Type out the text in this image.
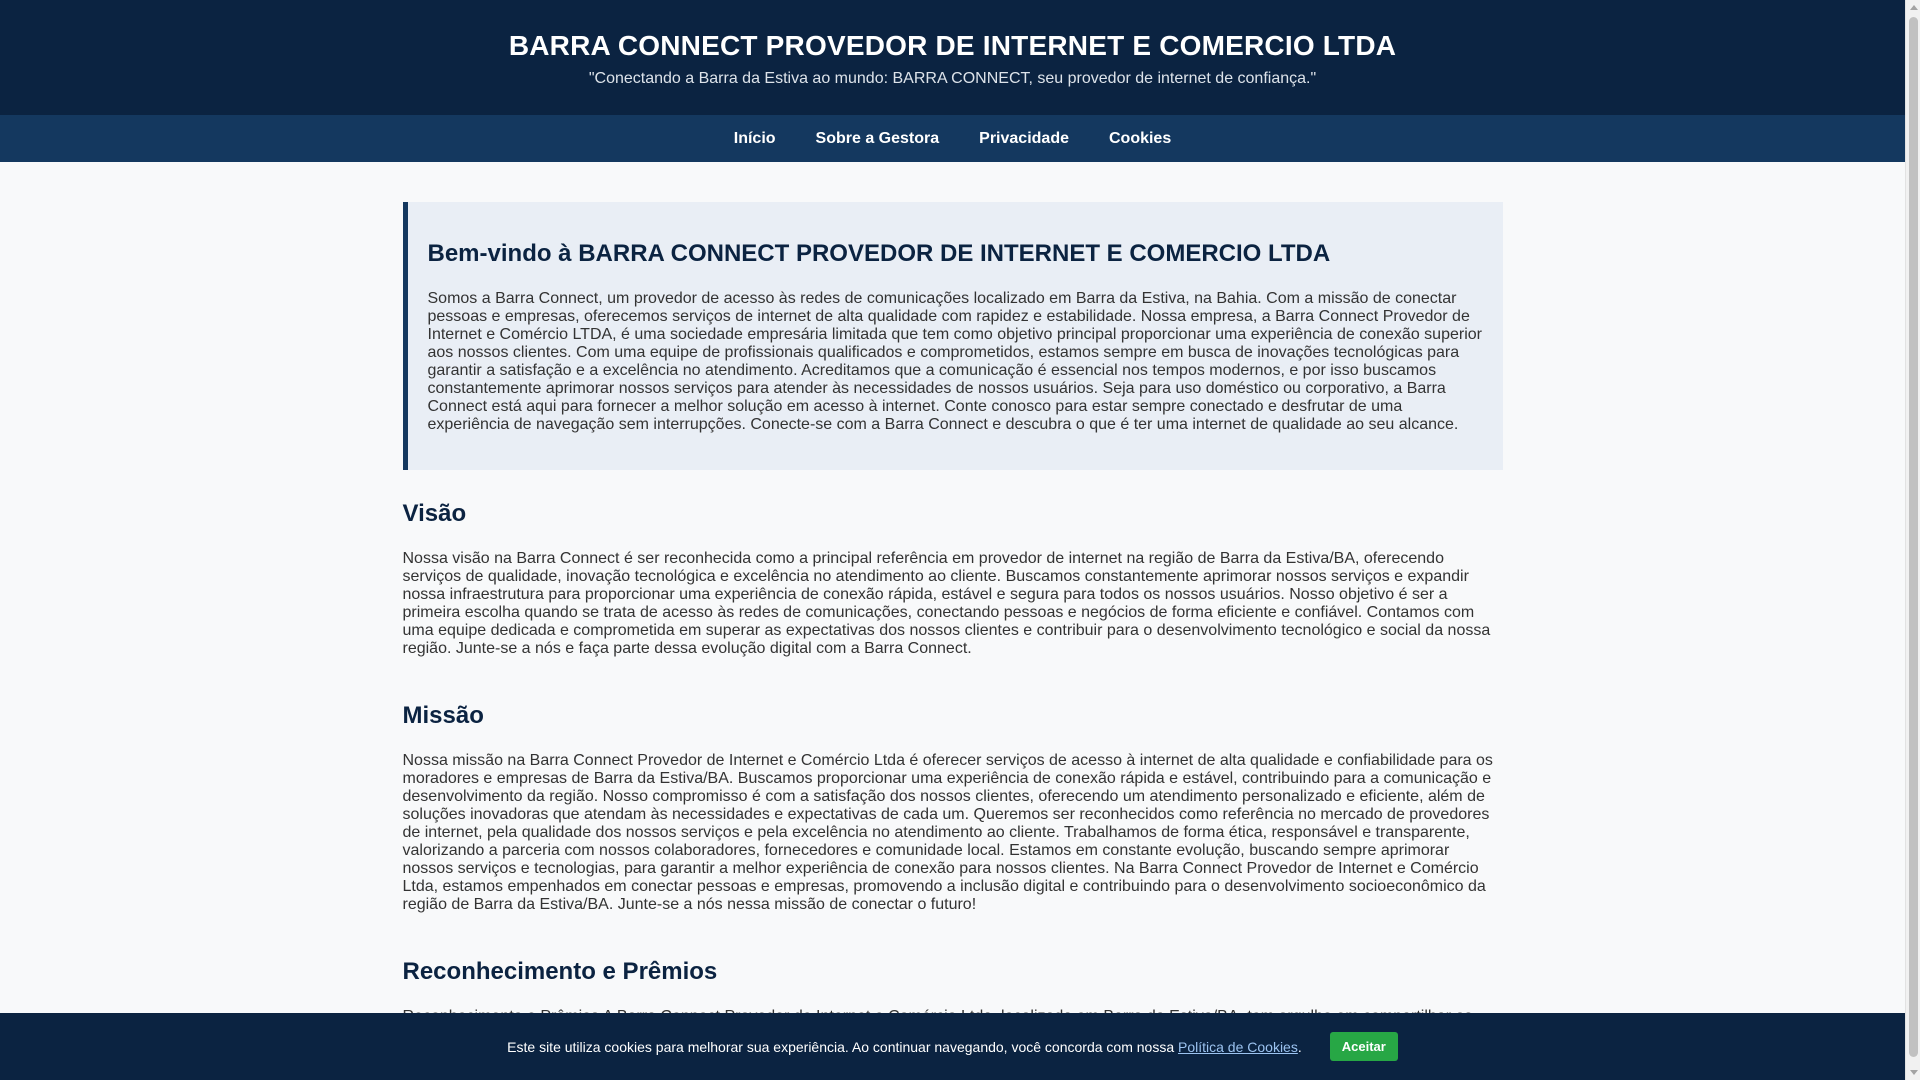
BARRA CONNECT PROVEDOR DE INTERNET E COMERCIO LTDA

"Conectando a Barra da Estiva ao mundo: BARRA CONNECT, seu provedor de internet de confiança."

Início	Sobre a Gestora	Privacidade	Cookies
Bem-vindo à BARRA CONNECT PROVEDOR DE INTERNET E COMERCIO LTDA

Somos a Barra Connect, um provedor de acesso às redes de comunicações localizado em Barra da Estiva, na Bahia. Com a missão de conectar pessoas e empresas, oferecemos serviços de internet de alta qualidade com rapidez e estabilidade. Nossa empresa, a Barra Connect Provedor de Internet e Comércio LTDA, é uma sociedade empresária limitada que tem como objetivo principal proporcionar uma experiência de conexão superior aos nossos clientes. Com uma equipe de profissionais qualificados e comprometidos, estamos sempre em busca de inovações tecnológicas para garantir a satisfação e a excelência no atendimento. Acreditamos que a comunicação é essencial nos tempos modernos, e por isso buscamos constantemente aprimorar nossos serviços para atender às necessidades de nossos usuários. Seja para uso doméstico ou corporativo, a Barra Connect está aqui para fornecer a melhor solução em acesso à internet. Conte conosco para estar sempre conectado e desfrutar de uma experiência de navegação sem interrupções. Conecte-se com a Barra Connect e descubra o que é ter uma internet de qualidade ao seu alcance.

Visão

Nossa visão na Barra Connect é ser reconhecida como a principal referência em provedor de internet na região de Barra da Estiva/BA, oferecendo serviços de qualidade, inovação tecnológica e excelência no atendimento ao cliente. Buscamos constantemente aprimorar nossos serviços e expandir nossa infraestrutura para proporcionar uma experiência de conexão rápida, estável e segura para todos os nossos usuários. Nosso objetivo é ser a primeira escolha quando se trata de acesso às redes de comunicações, conectando pessoas e negócios de forma eficiente e confiável. Contamos com uma equipe dedicada e comprometida em superar as expectativas dos nossos clientes e contribuir para o desenvolvimento tecnológico e social da nossa região. Junte-se a nós e faça parte dessa evolução digital com a Barra Connect.

Missão

Nossa missão na Barra Connect Provedor de Internet e Comércio Ltda é oferecer serviços de acesso à internet de alta qualidade e confiabilidade para os moradores e empresas de Barra da Estiva/BA. Buscamos proporcionar uma experiência de conexão rápida e estável, contribuindo para a comunicação e desenvolvimento da região. Nosso compromisso é com a satisfação dos nossos clientes, oferecendo um atendimento personalizado e eficiente, além de soluções inovadoras que atendam às necessidades e expectativas de cada um. Queremos ser reconhecidos como referência no mercado de provedores de internet, pela qualidade dos nossos serviços e pela excelência no atendimento ao cliente. Trabalhamos de forma ética, responsável e transparente, valorizando a parceria com nossos colaboradores, fornecedores e comunidade local. Estamos em constante evolução, buscando sempre aprimorar nossos serviços e tecnologias, para garantir a melhor experiência de conexão para nossos clientes. Na Barra Connect Provedor de Internet e Comércio Ltda, estamos empenhados em conectar pessoas e empresas, promovendo a inclusão digital e contribuindo para o desenvolvimento socioeconômico da região de Barra da Estiva/BA. Junte-se a nós nessa missão de conectar o futuro!

Reconhecimento e Prêmios

Este site utiliza cookies para melhorar sua experiência. Ao continuar navegando, você concorda com nossa
Política de Cookies .	Aceitar
